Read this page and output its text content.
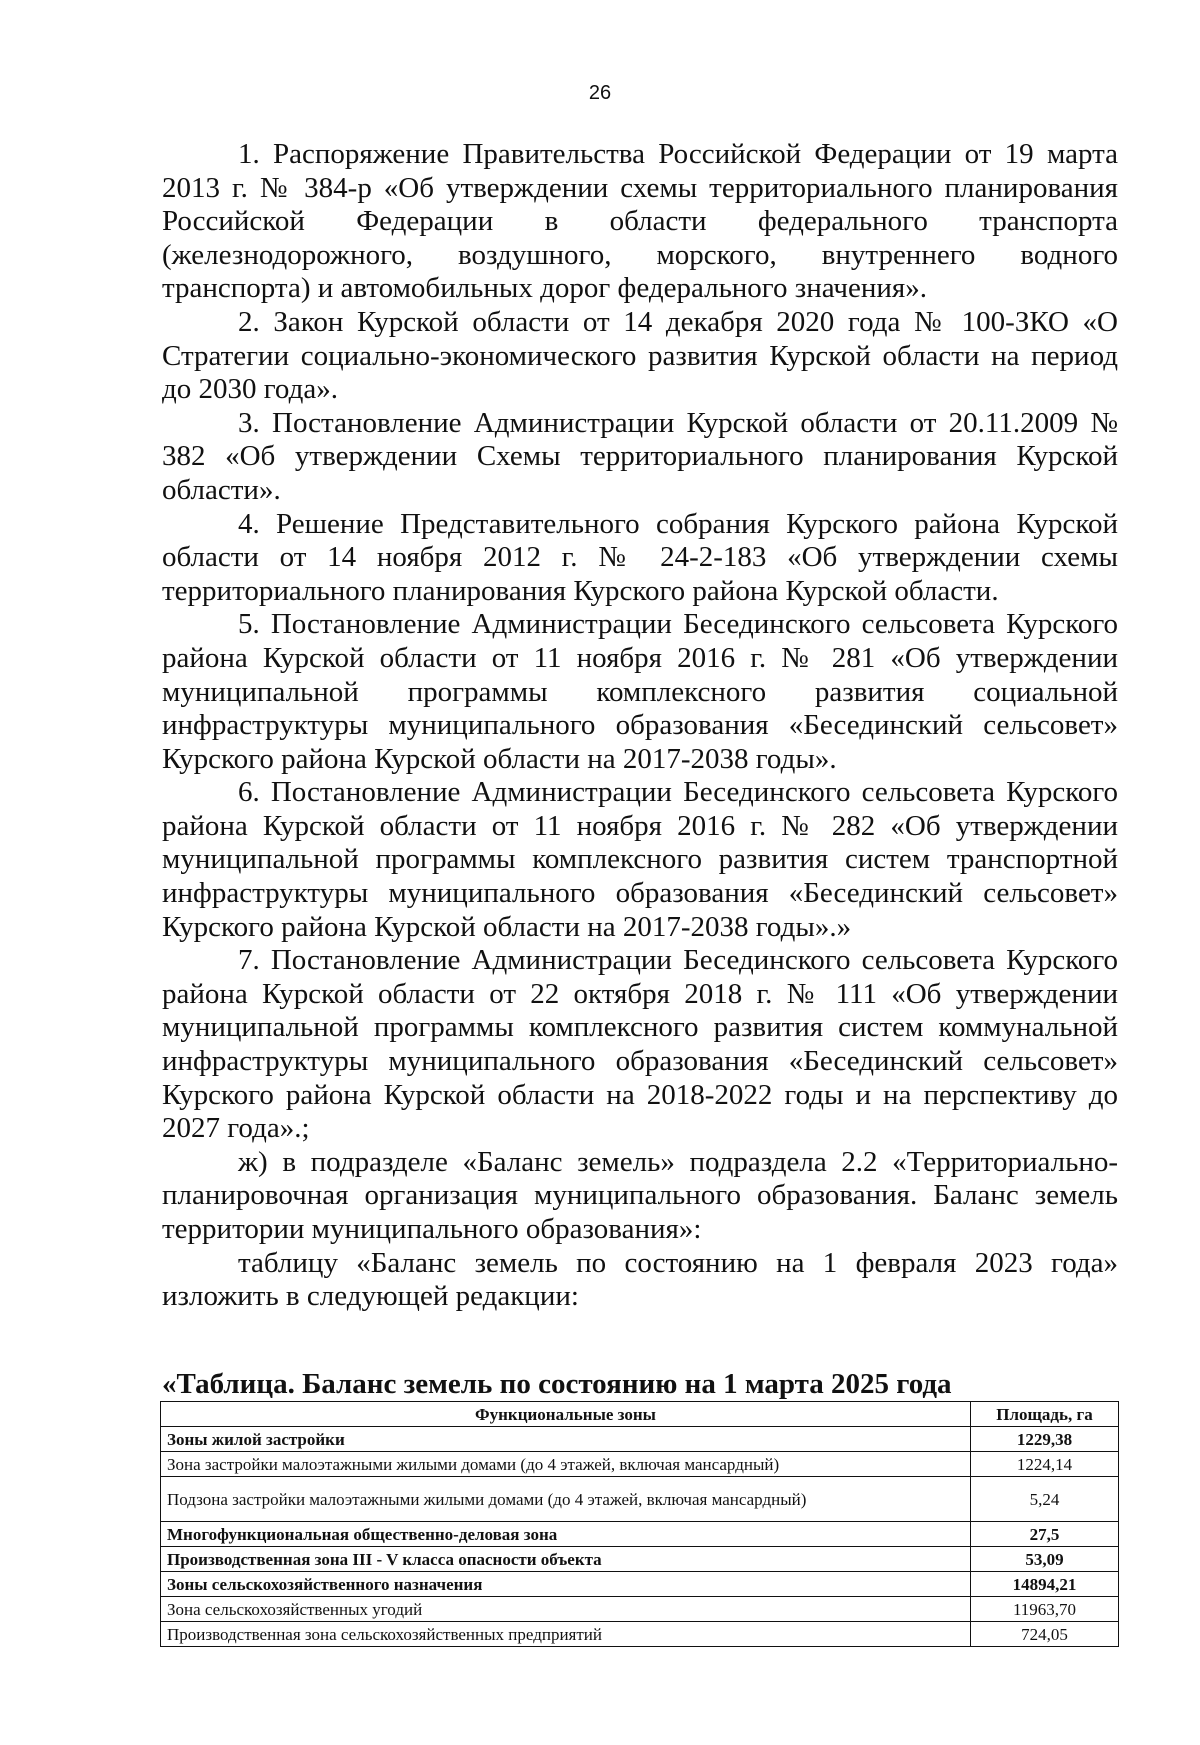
26

1. Распоряжение Правительства Российской Федерации от 19 марта 2013 г. № 384-р «Об утверждении схемы территориального планирования Российской Федерации в области федерального транспорта (железнодорожного, воздушного, морского, внутреннего водного транспорта) и автомобильных дорог федерального значения».

2. Закон Курской области от 14 декабря 2020 года № 100-ЗКО «О Стратегии социально-экономического развития Курской области на период до 2030 года».

3. Постановление Администрации Курской области от 20.11.2009 № 382 «Об утверждении Схемы территориального планирования Курской области».

4. Решение Представительного собрания Курского района Курской области от 14 ноября 2012 г. № 24-2-183 «Об утверждении схемы территориального планирования Курского района Курской области.

5. Постановление Администрации Бесединского сельсовета Курского района Курской области от 11 ноября 2016 г. № 281 «Об утверждении муниципальной программы комплексного развития социальной инфраструктуры муниципального образования «Бесединский сельсовет» Курского района Курской области на 2017-2038 годы».

6. Постановление Администрации Бесединского сельсовета Курского района Курской области от 11 ноября 2016 г. № 282 «Об утверждении муниципальной программы комплексного развития систем транспортной инфраструктуры муниципального образования «Бесединский сельсовет» Курского района Курской области на 2017-2038 годы».»

7. Постановление Администрации Бесединского сельсовета Курского района Курской области от 22 октября 2018 г. № 111 «Об утверждении муниципальной программы комплексного развития систем коммунальной инфраструктуры муниципального образования «Бесединский сельсовет» Курского района Курской области на 2018-2022 годы и на перспективу до 2027 года».;

ж) в подразделе «Баланс земель» подраздела 2.2 «Территориально-планировочная организация муниципального образования. Баланс земель территории муниципального образования»:

таблицу «Баланс земель по состоянию на 1 февраля 2023 года» изложить в следующей редакции:

«Таблица. Баланс земель по состоянию на 1 марта 2025 года
Функциональные зоны	Площадь, га
Зоны жилой застройки	1229,38
Зона застройки малоэтажными жилыми домами (до 4 этажей, включая мансардный)	1224,14
Подзона застройки малоэтажными жилыми домами (до 4 этажей, включая мансардный)	5,24
Многофункциональная общественно-деловая зона	27,5
Производственная зона III - V класса опасности объекта	53,09
Зоны сельскохозяйственного назначения	14894,21
Зона сельскохозяйственных угодий	11963,70
Производственная зона сельскохозяйственных предприятий	724,05
